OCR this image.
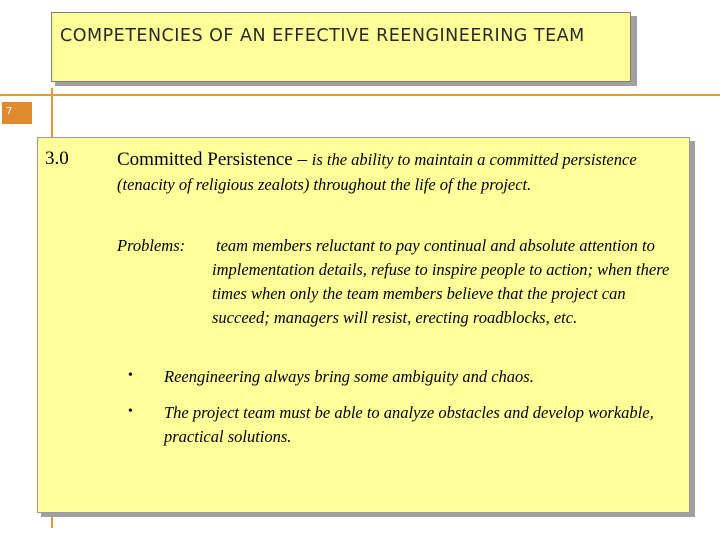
COMPETENCIES OF AN EFFECTIVE REENGINEERING TEAM
7
3.0	Committed Persistence – is the ability to maintain a committed persistence (tenacity of religious zealots) throughout the life of the project.
Problems: team members reluctant to pay continual and absolute attention to implementation details, refuse to inspire people to action; when there times when only the team members believe that the project can succeed; managers will resist, erecting roadblocks, etc.
• Reengineering always bring some ambiguity and chaos.
• The project team must be able to analyze obstacles and develop workable, practical solutions.
